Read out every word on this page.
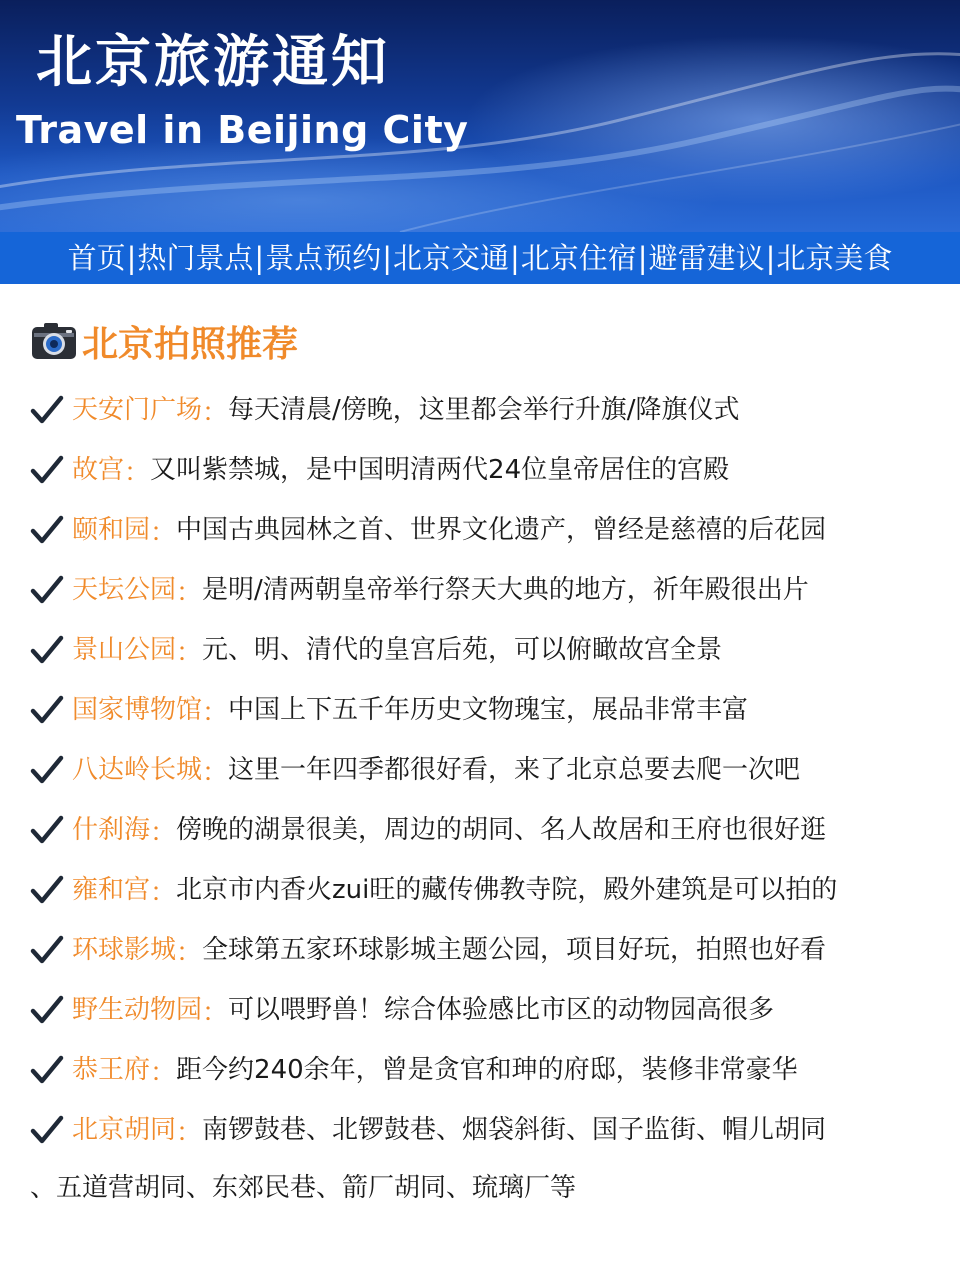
北京旅游通知
Travel in Beijing City
首页 | 热门景点 | 景点预约 | 北京交通 | 北京住宿 | 避雷建议 | 北京美食
北京拍照推荐
天安门广场 ： 每天清晨/傍晚，这里都会举行升旗/降旗仪式
故宫 ： 又叫紫禁城，是中国明清两代24位皇帝居住的宫殿
颐和园 ： 中国古典园林之首、世界文化遗产，曾经是慈禧的后花园
天坛公园 ： 是明/清两朝皇帝举行祭天大典的地方，祈年殿很出片
景山公园 ： 元、明、清代的皇宫后苑，可以俯瞰故宫全景
国家博物馆 ： 中国上下五千年历史文物瑰宝，展品非常丰富
八达岭长城 ： 这里一年四季都很好看，来了北京总要去爬一次吧
什刹海 ： 傍晚的湖景很美，周边的胡同、名人故居和王府也很好逛
雍和宫 ： 北京市内香火zui旺的藏传佛教寺院，殿外建筑是可以拍的
环球影城 ： 全球第五家环球影城主题公园，项目好玩，拍照也好看
野生动物园 ： 可以喂野兽！综合体验感比市区的动物园高很多
恭王府 ： 距今约240余年，曾是贪官和珅的府邸，装修非常豪华
北京胡同 ： 南锣鼓巷、北锣鼓巷、烟袋斜街、国子监街、帽儿胡同
、五道营胡同、东郊民巷、箭厂胡同、琉璃厂等
